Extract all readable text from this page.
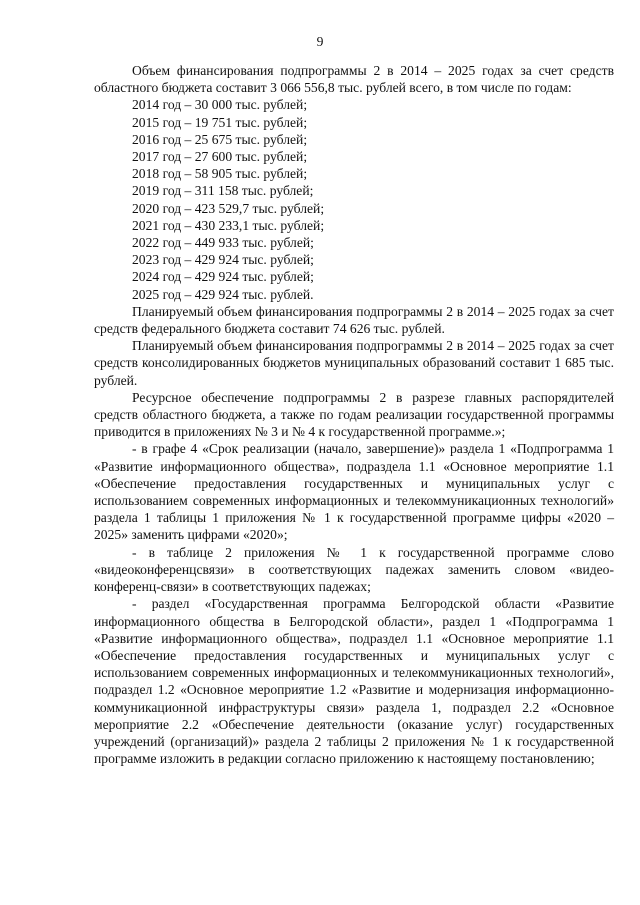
9

Объем финансирования подпрограммы 2 в 2014 – 2025 годах за счет средств областного бюджета составит 3 066 556,8 тыс. рублей всего, в том числе по годам:

2014 год – 30 000 тыс. рублей;
2015 год – 19 751 тыс. рублей;
2016 год – 25 675 тыс. рублей;
2017 год – 27 600 тыс. рублей;
2018 год – 58 905 тыс. рублей;
2019 год – 311 158 тыс. рублей;
2020 год – 423 529,7 тыс. рублей;
2021 год – 430 233,1 тыс. рублей;
2022 год – 449 933 тыс. рублей;
2023 год – 429 924 тыс. рублей;
2024 год – 429 924 тыс. рублей;
2025 год – 429 924 тыс. рублей.

Планируемый объем финансирования подпрограммы 2 в 2014 – 2025 годах за счет средств федерального бюджета составит 74 626 тыс. рублей.

Планируемый объем финансирования подпрограммы 2 в 2014 – 2025 годах за счет средств консолидированных бюджетов муниципальных образований составит 1 685 тыс. рублей.

Ресурсное обеспечение подпрограммы 2 в разрезе главных распорядителей средств областного бюджета, а также по годам реализации государственной программы приводится в приложениях № 3 и № 4 к государственной программе.»;

- в графе 4 «Срок реализации (начало, завершение)» раздела 1 «Подпрограмма 1 «Развитие информационного общества», подраздела 1.1 «Основное мероприятие 1.1 «Обеспечение предоставления государственных и муниципальных услуг с использованием современных информационных и телекоммуникационных технологий» раздела 1 таблицы 1 приложения № 1 к государственной программе цифры «2020 – 2025» заменить цифрами «2020»;

- в таблице 2 приложения № 1 к государственной программе слово «видеоконференцсвязи» в соответствующих падежах заменить словом «видео-конференц-связи» в соответствующих падежах;

- раздел «Государственная программа Белгородской области «Развитие информационного общества в Белгородской области», раздел 1 «Подпрограмма 1 «Развитие информационного общества», подраздел 1.1 «Основное мероприятие 1.1 «Обеспечение предоставления государственных и муниципальных услуг с использованием современных информационных и телекоммуникационных технологий», подраздел 1.2 «Основное мероприятие 1.2 «Развитие и модернизация информационно-коммуникационной инфраструктуры связи» раздела 1, подраздел 2.2 «Основное мероприятие 2.2 «Обеспечение деятельности (оказание услуг) государственных учреждений (организаций)» раздела 2 таблицы 2 приложения № 1 к государственной программе изложить в редакции согласно приложению к настоящему постановлению;
